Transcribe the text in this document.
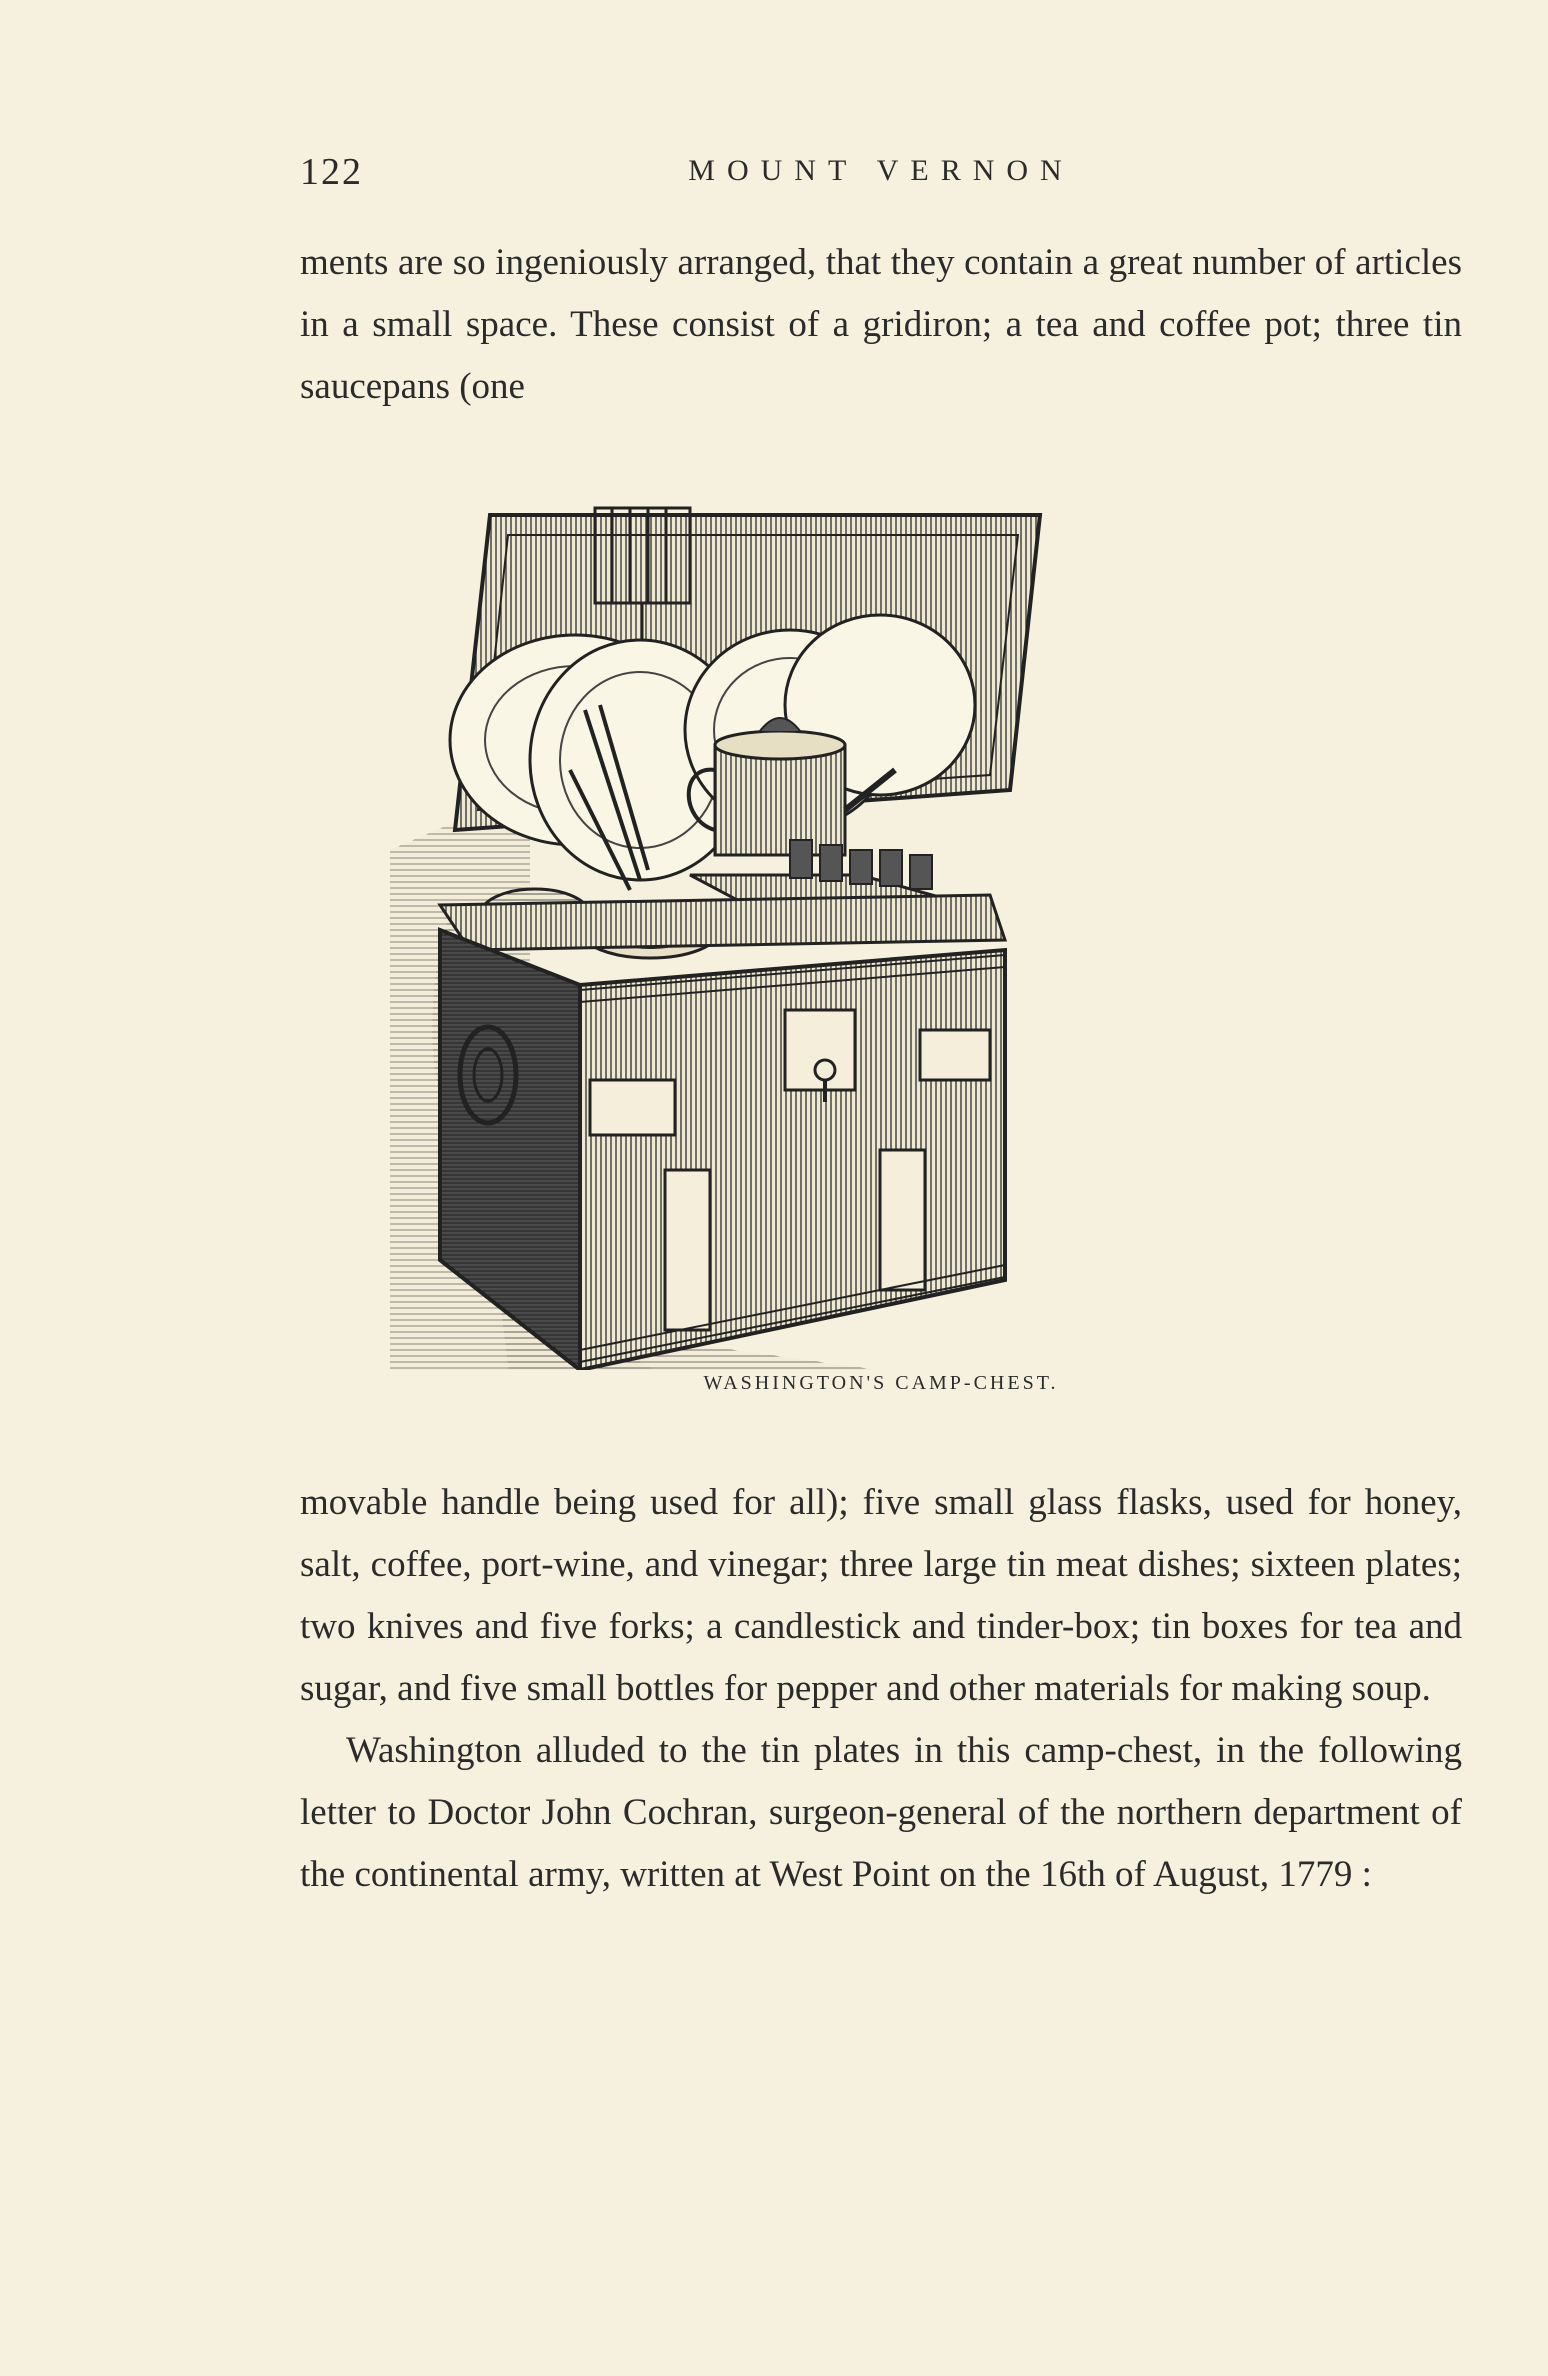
122	MOUNT VERNON

ments are so ingeniously arranged, that they contain a great number of articles in a small space. These consist of a gridiron; a tea and coffee pot; three tin saucepans (one

WASHINGTON'S CAMP-CHEST.

movable handle being used for all); five small glass flasks, used for honey, salt, coffee, port-wine, and vinegar; three large tin meat dishes; sixteen plates; two knives and five forks; a candlestick and tinder-box; tin boxes for tea and sugar, and five small bottles for pepper and other materials for making soup.

Washington alluded to the tin plates in this camp-chest, in the following letter to Doctor John Cochran, surgeon-general of the northern department of the continental army, written at West Point on the 16th of August, 1779 :
